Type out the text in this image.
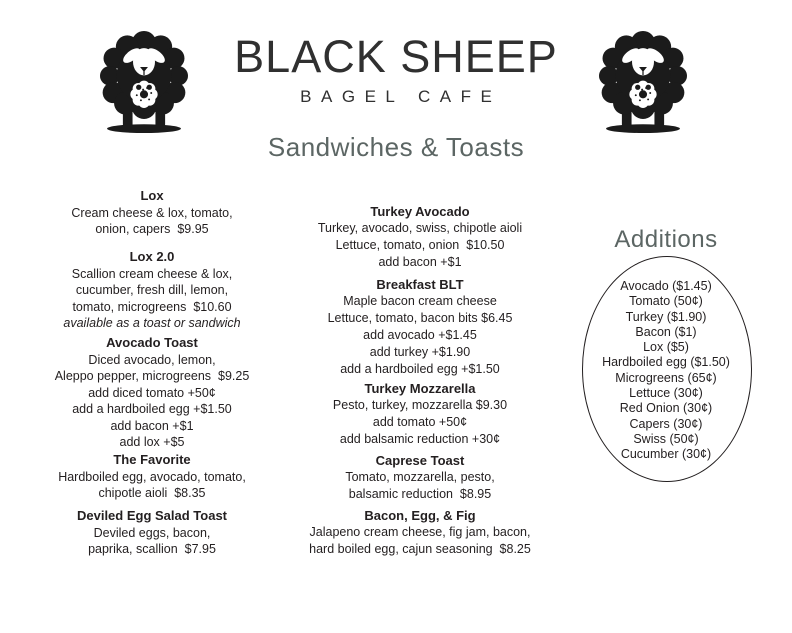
BLACK SHEEP
BAGEL CAFE
Sandwiches & Toasts
Lox

Cream cheese & lox, tomato,

onion, capers  $9.95

Lox 2.0

Scallion cream cheese & lox,

cucumber, fresh dill, lemon,

tomato, microgreens  $10.60

available as a toast or sandwich

Avocado Toast

Diced avocado, lemon,

Aleppo pepper, microgreens  $9.25

add diced tomato +50¢

add a hardboiled egg +$1.50

add bacon +$1

add lox +$5

The Favorite

Hardboiled egg, avocado, tomato,

chipotle aioli  $8.35

Deviled Egg Salad Toast

Deviled eggs, bacon,

paprika, scallion  $7.95

Turkey Avocado

Turkey, avocado, swiss, chipotle aioli

Lettuce, tomato, onion  $10.50

add bacon +$1

Breakfast BLT

Maple bacon cream cheese

Lettuce, tomato, bacon bits $6.45

add avocado +$1.45

add turkey +$1.90

add a hardboiled egg +$1.50

Turkey Mozzarella

Pesto, turkey, mozzarella $9.30

add tomato +50¢

add balsamic reduction +30¢

Caprese Toast

Tomato, mozzarella, pesto,

balsamic reduction  $8.95

Bacon, Egg, & Fig

Jalapeno cream cheese, fig jam, bacon,

hard boiled egg, cajun seasoning  $8.25

Additions

Avocado ($1.45)

Tomato (50¢)

Turkey ($1.90)

Bacon ($1)

Lox ($5)

Hardboiled egg ($1.50)

Microgreens (65¢)

Lettuce (30¢)

Red Onion (30¢)

Capers (30¢)

Swiss (50¢)

Cucumber (30¢)
